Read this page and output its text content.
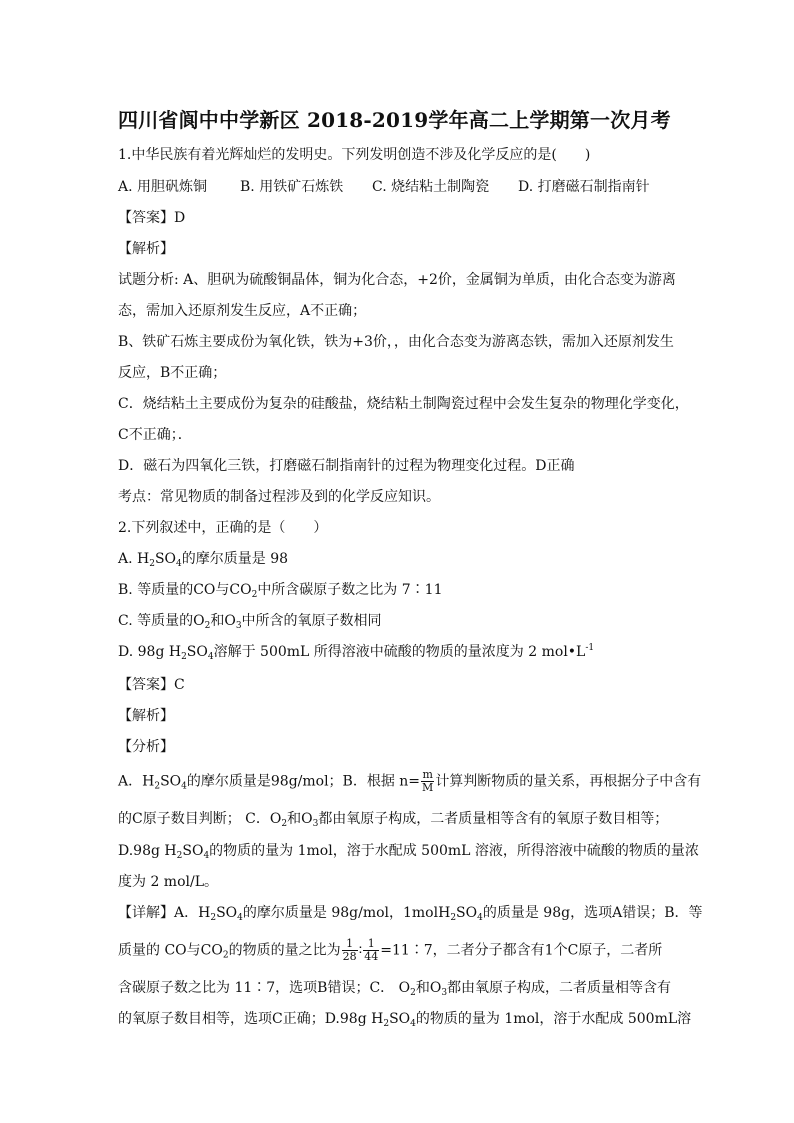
四川省阆中中学新区 2018-2019学年高二上学期第一次月考
1.中华民族有着光辉灿烂的发明史。下列发明创造不涉及化学反应的是(　　)
A. 用胆矾炼铜 B. 用铁矿石炼铁 C. 烧结粘土制陶瓷 D. 打磨磁石制指南针
【答案】D
【解析】
试题分析: A、胆矾为硫酸铜晶体，铜为化合态，+2价，金属铜为单质，由化合态变为游离
态，需加入还原剂发生反应，A不正确；
B、铁矿石炼主要成份为氧化铁，铁为+3价，，由化合态变为游离态铁，需加入还原剂发生
反应，B不正确；
C．烧结粘土主要成份为复杂的硅酸盐，烧结粘土制陶瓷过程中会发生复杂的物理化学变化，
C不正确；．
D．磁石为四氧化三铁，打磨磁石制指南针的过程为物理变化过程。D正确
考点：常见物质的制备过程涉及到的化学反应知识。
2.下列叙述中，正确的是（　　）
A. $H_2SO_4$的摩尔质量是 98
B. 等质量的CO与$CO_2$中所含碳原子数之比为 7∶11
C. 等质量的$O_2$和$O_3$中所含的氧原子数相同
D. 98g $H_2SO_4$溶解于 500mL 所得溶液中硫酸的物质的量浓度为 2 $mol•L^{-1}$
【答案】C
【解析】
【分析】
A．$H_2SO_4$的摩尔质量是98g/mol；B．根据 $n= \frac{m}{M}$ 计算判断物质的量关系，再根据分子中含有
的C原子数目判断； C．$O_2$和$O_3$都由氧原子构成，二者质量相等含有的氧原子数目相等；
D.98g $H_2SO_4$的物质的量为 1mol，溶于水配成 500mL 溶液，所得溶液中硫酸的物质的量浓
度为 2 mol/L。
【详解】A．$H_2SO_4$的摩尔质量是 98g/mol，$1molH_2SO_4$的质量是 98g，选项A错误；B．等
质量的 CO与$CO_2$的物质的量之比为 $\frac{1}{28}$ ∶ $\frac{1}{44}$ =11∶7，二者分子都含有1个C原子，二者所
含碳原子数之比为 11∶7，选项B错误；C． $O_2$和$O_3$都由氧原子构成，二者质量相等含有
的氧原子数目相等，选项C正确；D.98g $H_2SO_4$的物质的量为 1mol，溶于水配成 500mL溶
